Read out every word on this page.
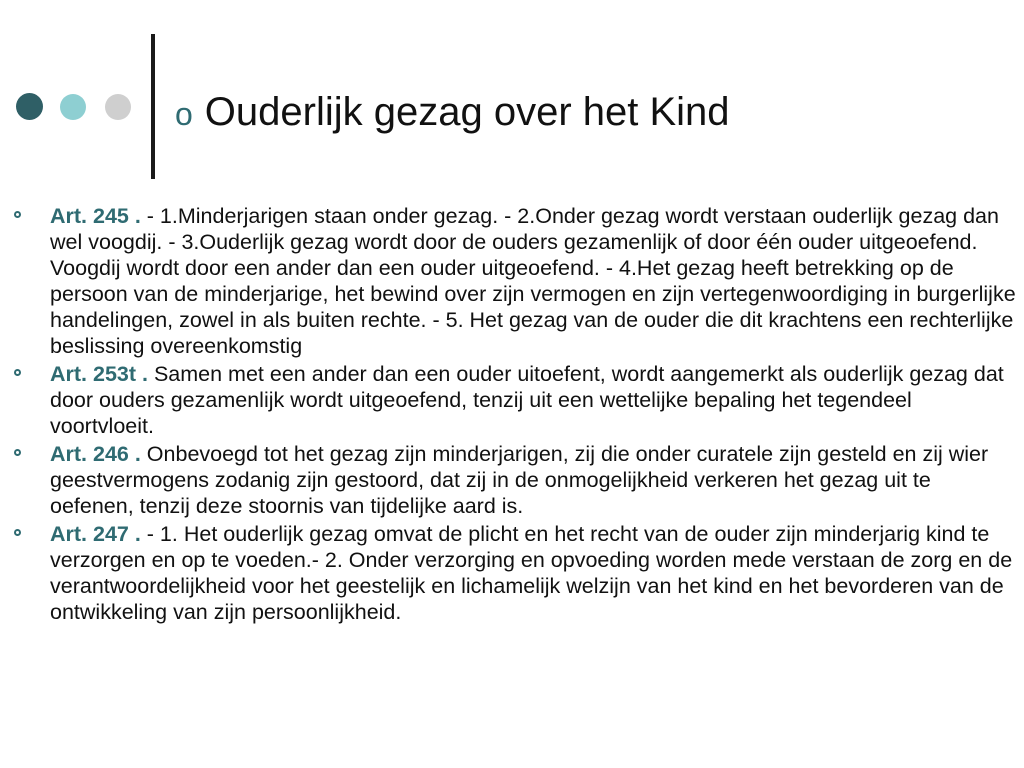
o Ouderlijk gezag over het Kind
Art. 245 . - 1.Minderjarigen staan onder gezag. - 2.Onder gezag wordt verstaan ouderlijk gezag dan wel voogdij. - 3.Ouderlijk gezag wordt door de ouders gezamenlijk of door één ouder uitgeoefend. Voogdij wordt door een ander dan een ouder uitgeoefend. - 4.Het gezag heeft betrekking op de persoon van de minderjarige, het bewind over zijn vermogen en zijn vertegenwoordiging in burgerlijke handelingen, zowel in als buiten rechte. - 5. Het gezag van de ouder die dit krachtens een rechterlijke beslissing overeenkomstig
Art. 253t . Samen met een ander dan een ouder uitoefent, wordt aangemerkt als ouderlijk gezag dat door ouders gezamenlijk wordt uitgeoefend, tenzij uit een wettelijke bepaling het tegendeel voortvloeit.
Art. 246 . Onbevoegd tot het gezag zijn minderjarigen, zij die onder curatele zijn gesteld en zij wier geestvermogens zodanig zijn gestoord, dat zij in de onmogelijkheid verkeren het gezag uit te oefenen, tenzij deze stoornis van tijdelijke aard is.
Art. 247 . - 1. Het ouderlijk gezag omvat de plicht en het recht van de ouder zijn minderjarig kind te verzorgen en op te voeden.- 2. Onder verzorging en opvoeding worden mede verstaan de zorg en de verantwoordelijkheid voor het geestelijk en lichamelijk welzijn van het kind en het bevorderen van de ontwikkeling van zijn persoonlijkheid.
